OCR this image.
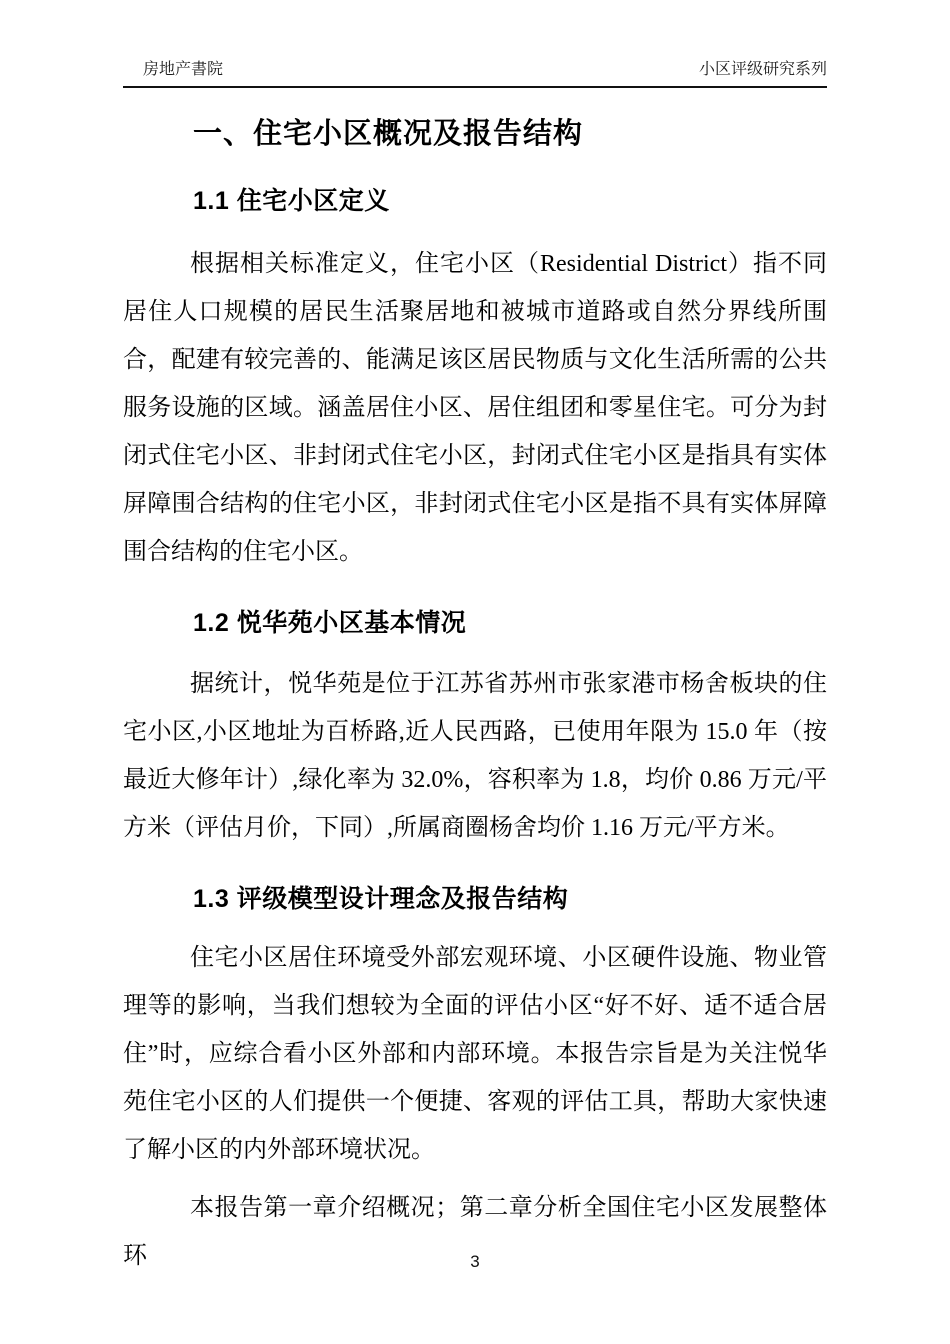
房地产書院	小区评级研究系列
一、住宅小区概况及报告结构
1.1 住宅小区定义

根据相关标准定义，住宅小区（Residential District）指不同居住人口规模的居民生活聚居地和被城市道路或自然分界线所围合，配建有较完善的、能满足该区居民物质与文化生活所需的公共服务设施的区域。涵盖居住小区、居住组团和零星住宅。可分为封闭式住宅小区、非封闭式住宅小区，封闭式住宅小区是指具有实体屏障围合结构的住宅小区，非封闭式住宅小区是指不具有实体屏障围合结构的住宅小区。

1.2 悦华苑小区基本情况

据统计，悦华苑是位于江苏省苏州市张家港市杨舍板块的住宅小区,小区地址为百桥路,近人民西路，已使用年限为 15.0 年（按最近大修年计）,绿化率为 32.0%，容积率为 1.8，均价 0.86 万元/平方米（评估月价，下同）,所属商圈杨舍均价 1.16 万元/平方米。

1.3 评级模型设计理念及报告结构

住宅小区居住环境受外部宏观环境、小区硬件设施、物业管理等的影响，当我们想较为全面的评估小区“好不好、适不适合居住”时，应综合看小区外部和内部环境。本报告宗旨是为关注悦华苑住宅小区的人们提供一个便捷、客观的评估工具，帮助大家快速了解小区的内外部环境状况。

本报告第一章介绍概况；第二章分析全国住宅小区发展整体环	3
